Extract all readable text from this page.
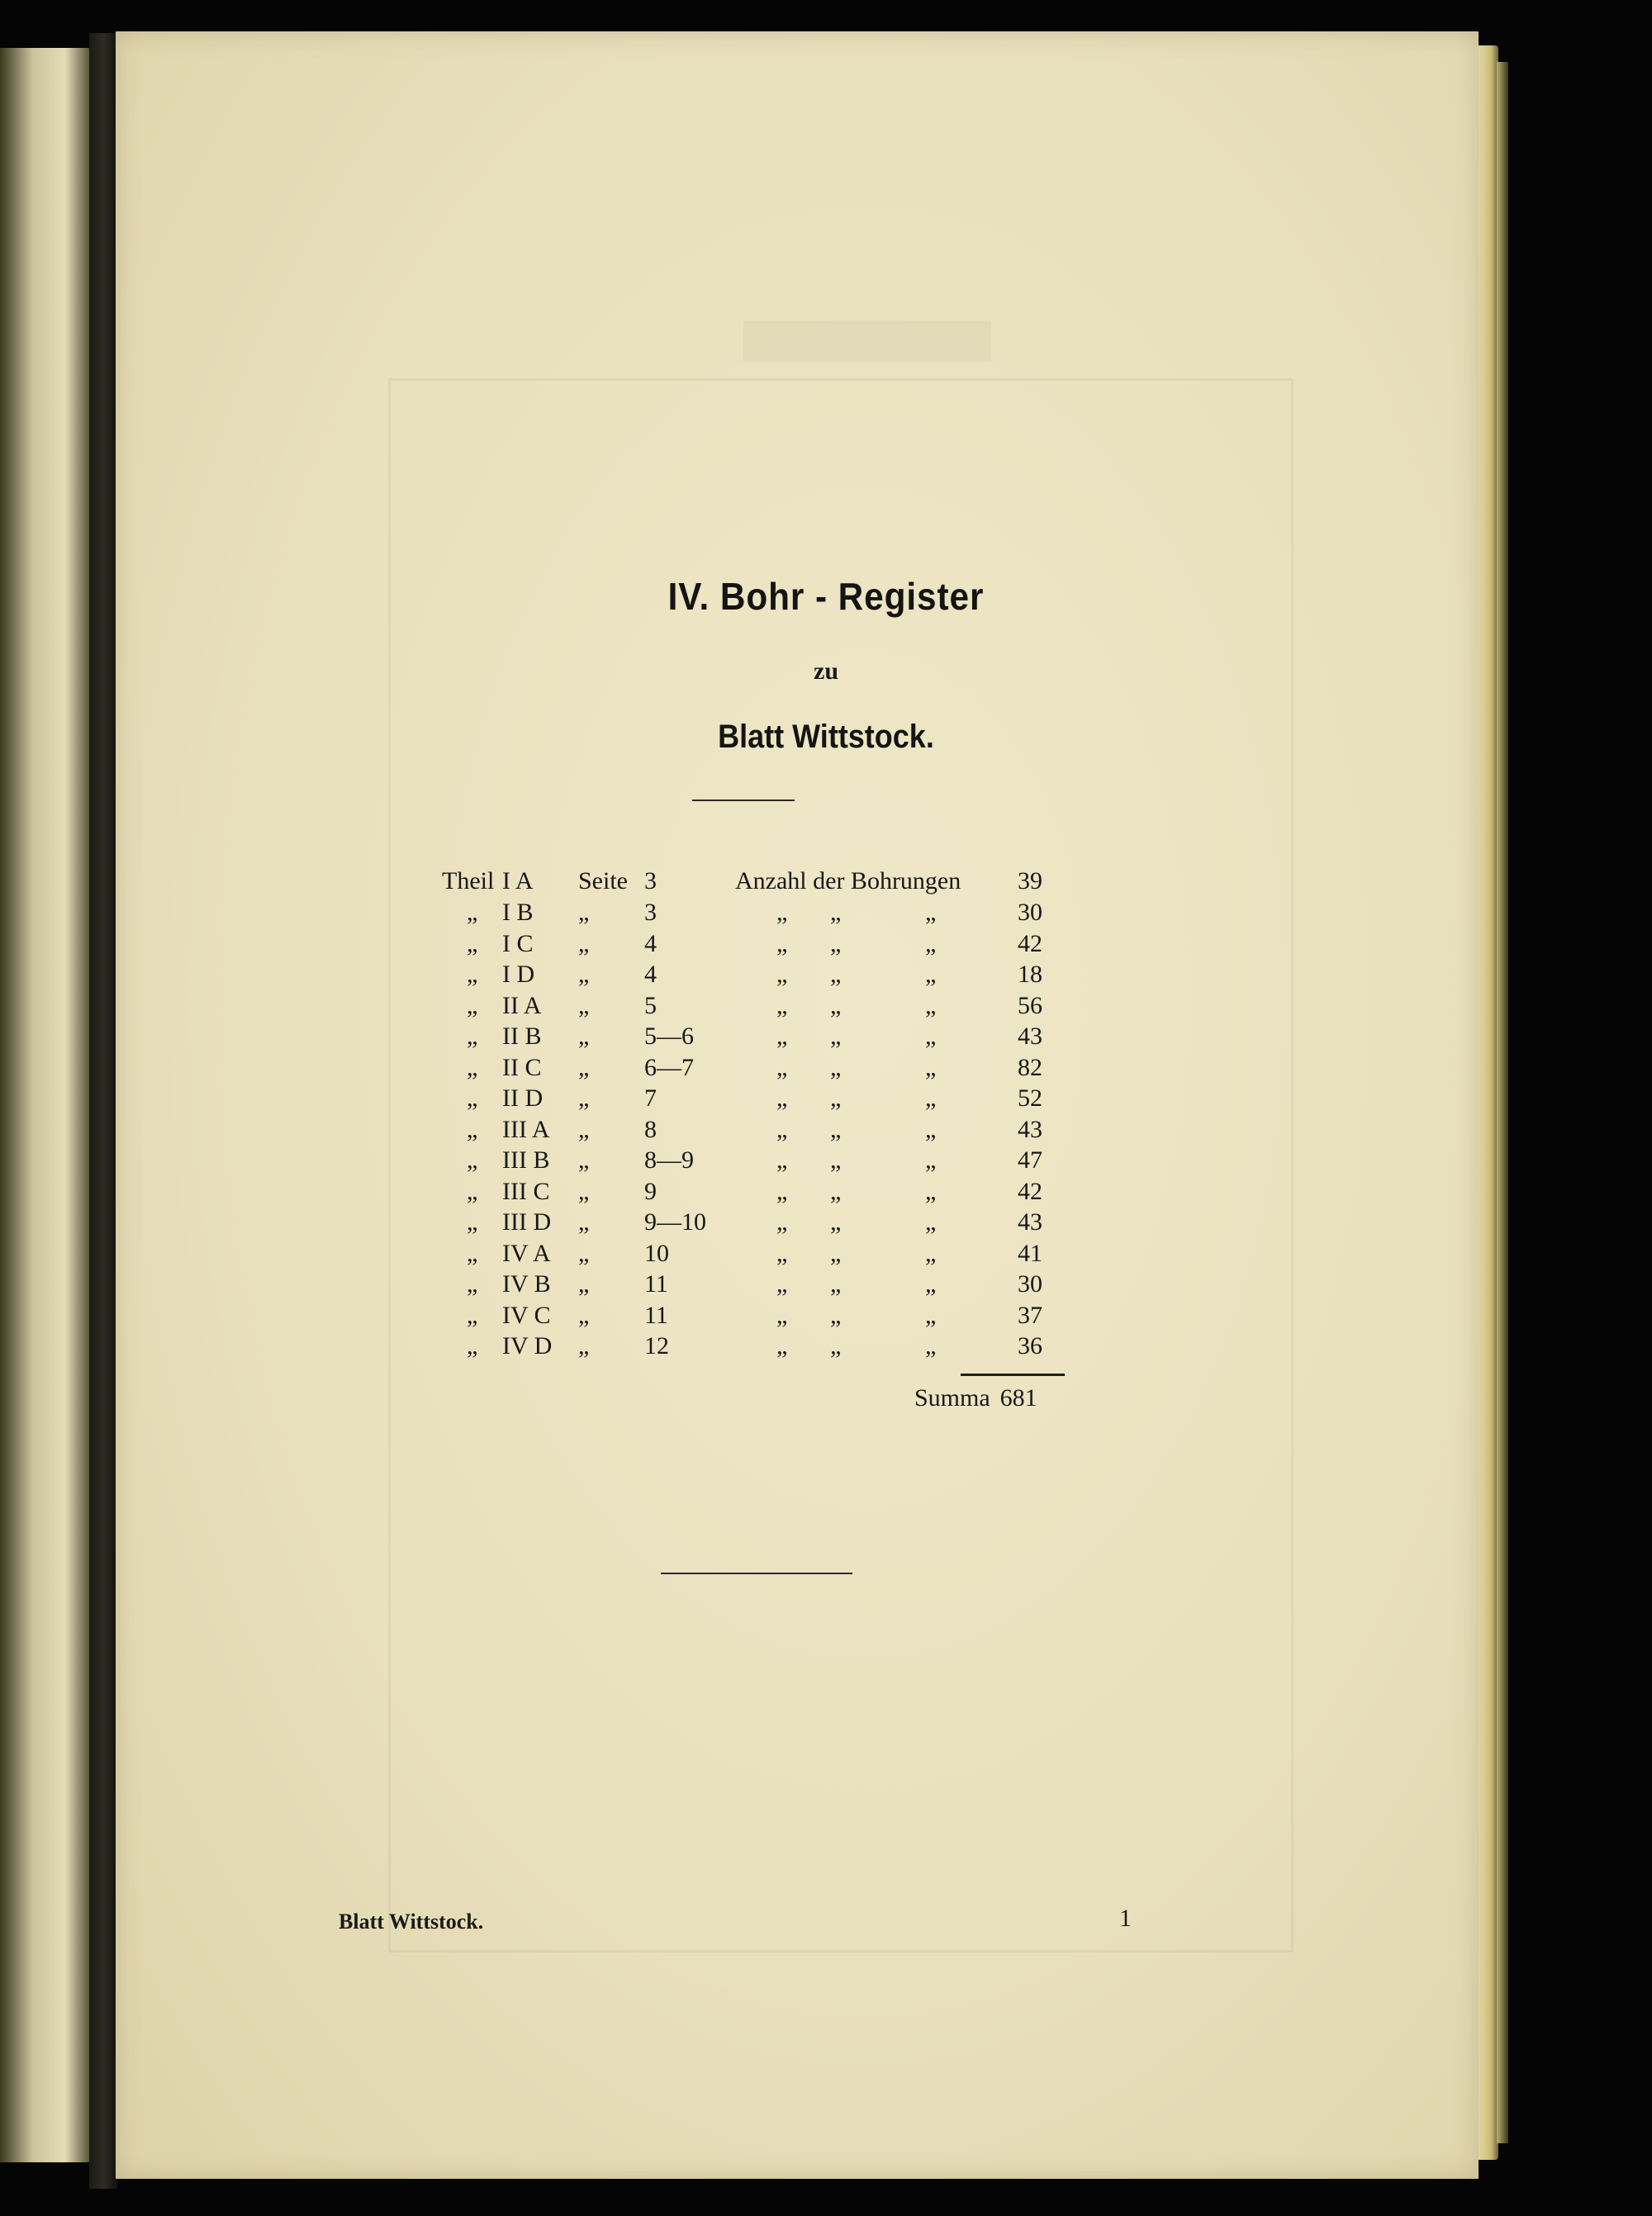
IV. Bohr - Register
zu
Blatt Wittstock.
Theil I A Seite 3	Anzahl der Bohrungen 39
„ I B „ 3	„ „	„	30
„ I C „ 4	„ „	„	42
„ I D „ 4	„ „	„	18
„ II A „ 5	„ „	„	56
„ II B „ 5—6	„ „	„	43
„ II C „ 6—7	„ „	„	82
„ II D „ 7	„ „	„	52
„ III A „ 8	„ „	„	43
„ III B „ 8—9	„ „	„	47
„ III C „ 9	„ „	„	42
„ III D „ 9—10	„ „	„	43
„ IV A „ 10	„ „	„	41
„ IV B „ 11	„ „	„	30
„ IV C „ 11	„ „	„	37
„ IV D „ 12	„ „	„	36
Summa 681
Blatt Wittstock.	1
